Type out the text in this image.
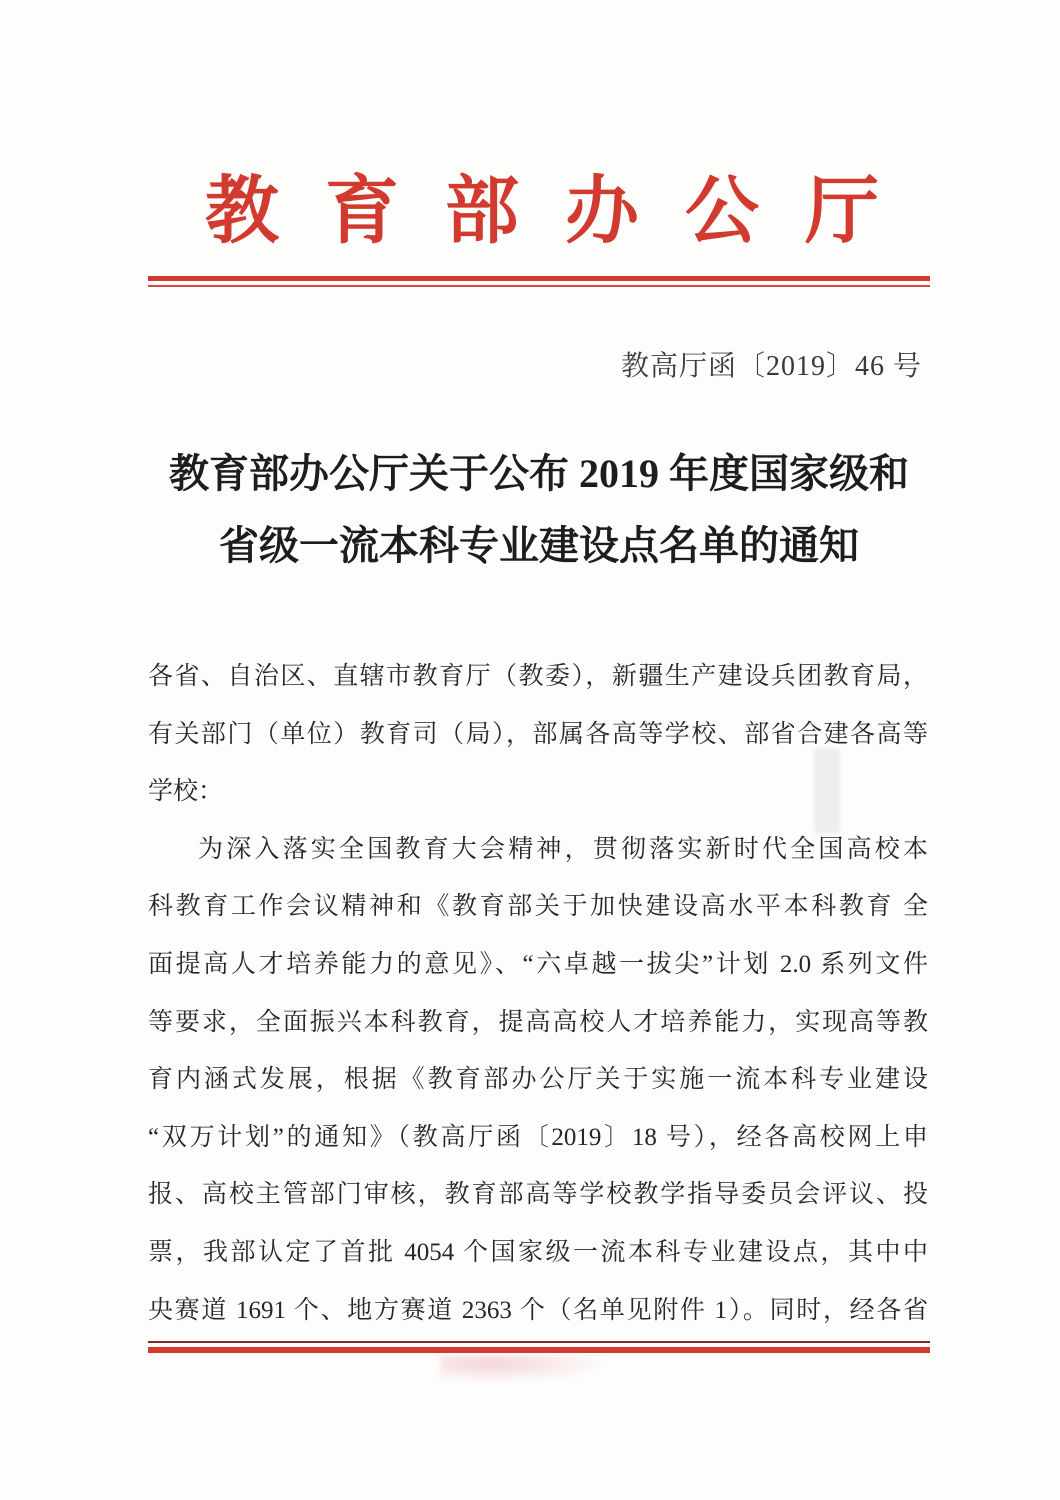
教育部办公厅
教高厅函〔2019〕46 号
教育部办公厅关于公布 2019 年度国家级和
省级一流本科专业建设点名单的通知
各省、自治区、直辖市教育厅（教委），新疆生产建设兵团教育局，
有关部门（单位）教育司（局），部属各高等学校、部省合建各高等
学校：
为深入落实全国教育大会精神，贯彻落实新时代全国高校本
科教育工作会议精神和《教育部关于加快建设高水平本科教育 全
面提高人才培养能力的意见》、“六卓越一拔尖”计划 2.0 系列文件
等要求，全面振兴本科教育，提高高校人才培养能力，实现高等教
育内涵式发展，根据《教育部办公厅关于实施一流本科专业建设
“双万计划”的通知》（教高厅函〔2019〕18 号），经各高校网上申
报、高校主管部门审核，教育部高等学校教学指导委员会评议、投
票，我部认定了首批 4054 个国家级一流本科专业建设点，其中中
央赛道 1691 个、地方赛道 2363 个（名单见附件 1）。同时，经各省
